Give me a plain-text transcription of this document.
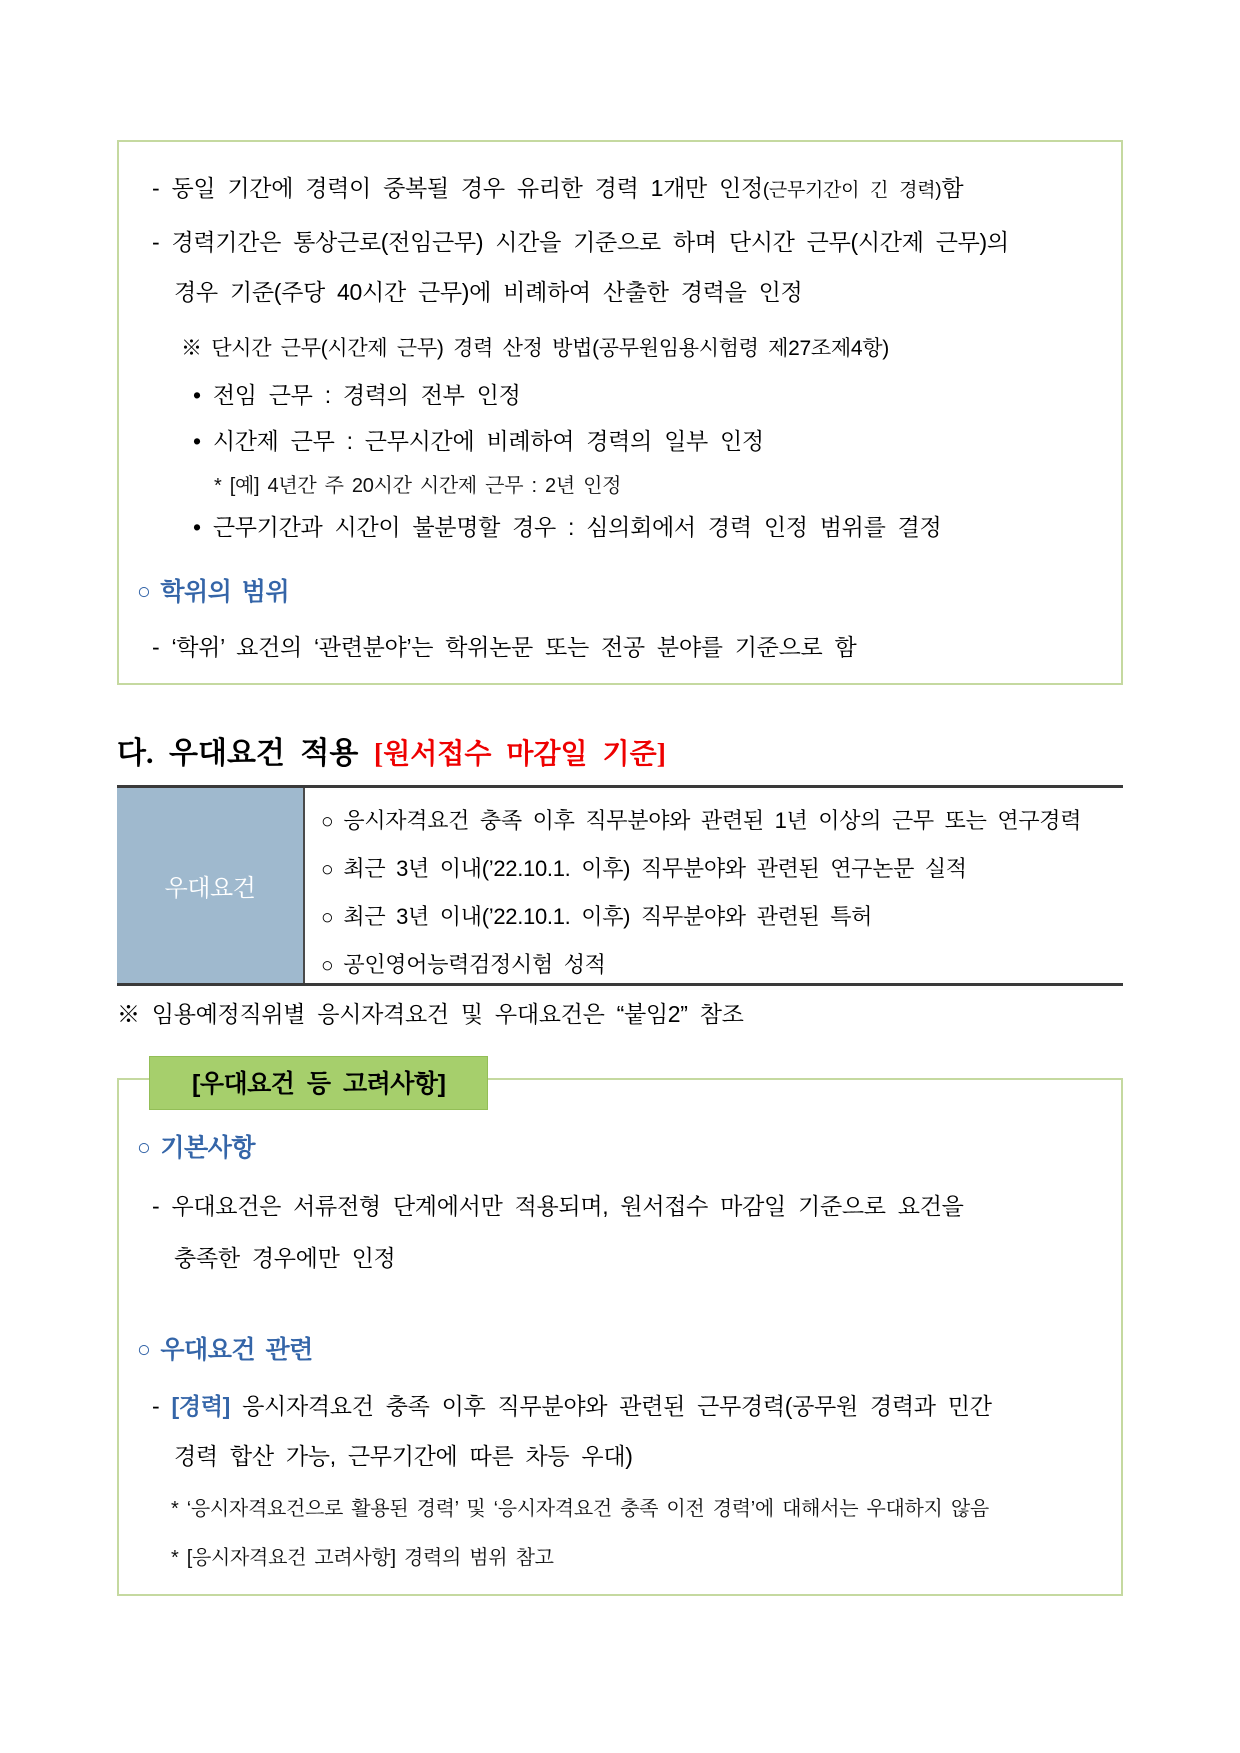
- 동일 기간에 경력이 중복될 경우 유리한 경력 1개만 인정(근무기간이 긴 경력)함
- 경력기간은 통상근로(전임근무) 시간을 기준으로 하며 단시간 근무(시간제 근무)의
경우 기준(주당 40시간 근무)에 비례하여 산출한 경력을 인정
※ 단시간 근무(시간제 근무) 경력 산정 방법(공무원임용시험령 제27조제4항)
• 전임 근무 : 경력의 전부 인정
• 시간제 근무 : 근무시간에 비례하여 경력의 일부 인정
* [예] 4년간 주 20시간 시간제 근무 : 2년 인정
• 근무기간과 시간이 불분명할 경우 : 심의회에서 경력 인정 범위를 결정
○ 학위의 범위
- ‘학위’ 요건의 ‘관련분야’는 학위논문 또는 전공 분야를 기준으로 함
다. 우대요건 적용 [원서접수 마감일 기준]
우대요건
○ 응시자격요건 충족 이후 직무분야와 관련된 1년 이상의 근무 또는 연구경력
○ 최근 3년 이내(’22.10.1. 이후) 직무분야와 관련된 연구논문 실적
○ 최근 3년 이내(’22.10.1. 이후) 직무분야와 관련된 특허
○ 공인영어능력검정시험 성적
※ 임용예정직위별 응시자격요건 및 우대요건은 “붙임2” 참조
[우대요건 등 고려사항]
○ 기본사항
- 우대요건은 서류전형 단계에서만 적용되며, 원서접수 마감일 기준으로 요건을
충족한 경우에만 인정
○ 우대요건 관련
- [경력] 응시자격요건 충족 이후 직무분야와 관련된 근무경력(공무원 경력과 민간
경력 합산 가능, 근무기간에 따른 차등 우대)
* ‘응시자격요건으로 활용된 경력’ 및 ‘응시자격요건 충족 이전 경력’에 대해서는 우대하지 않음
* [응시자격요건 고려사항] 경력의 범위 참고
